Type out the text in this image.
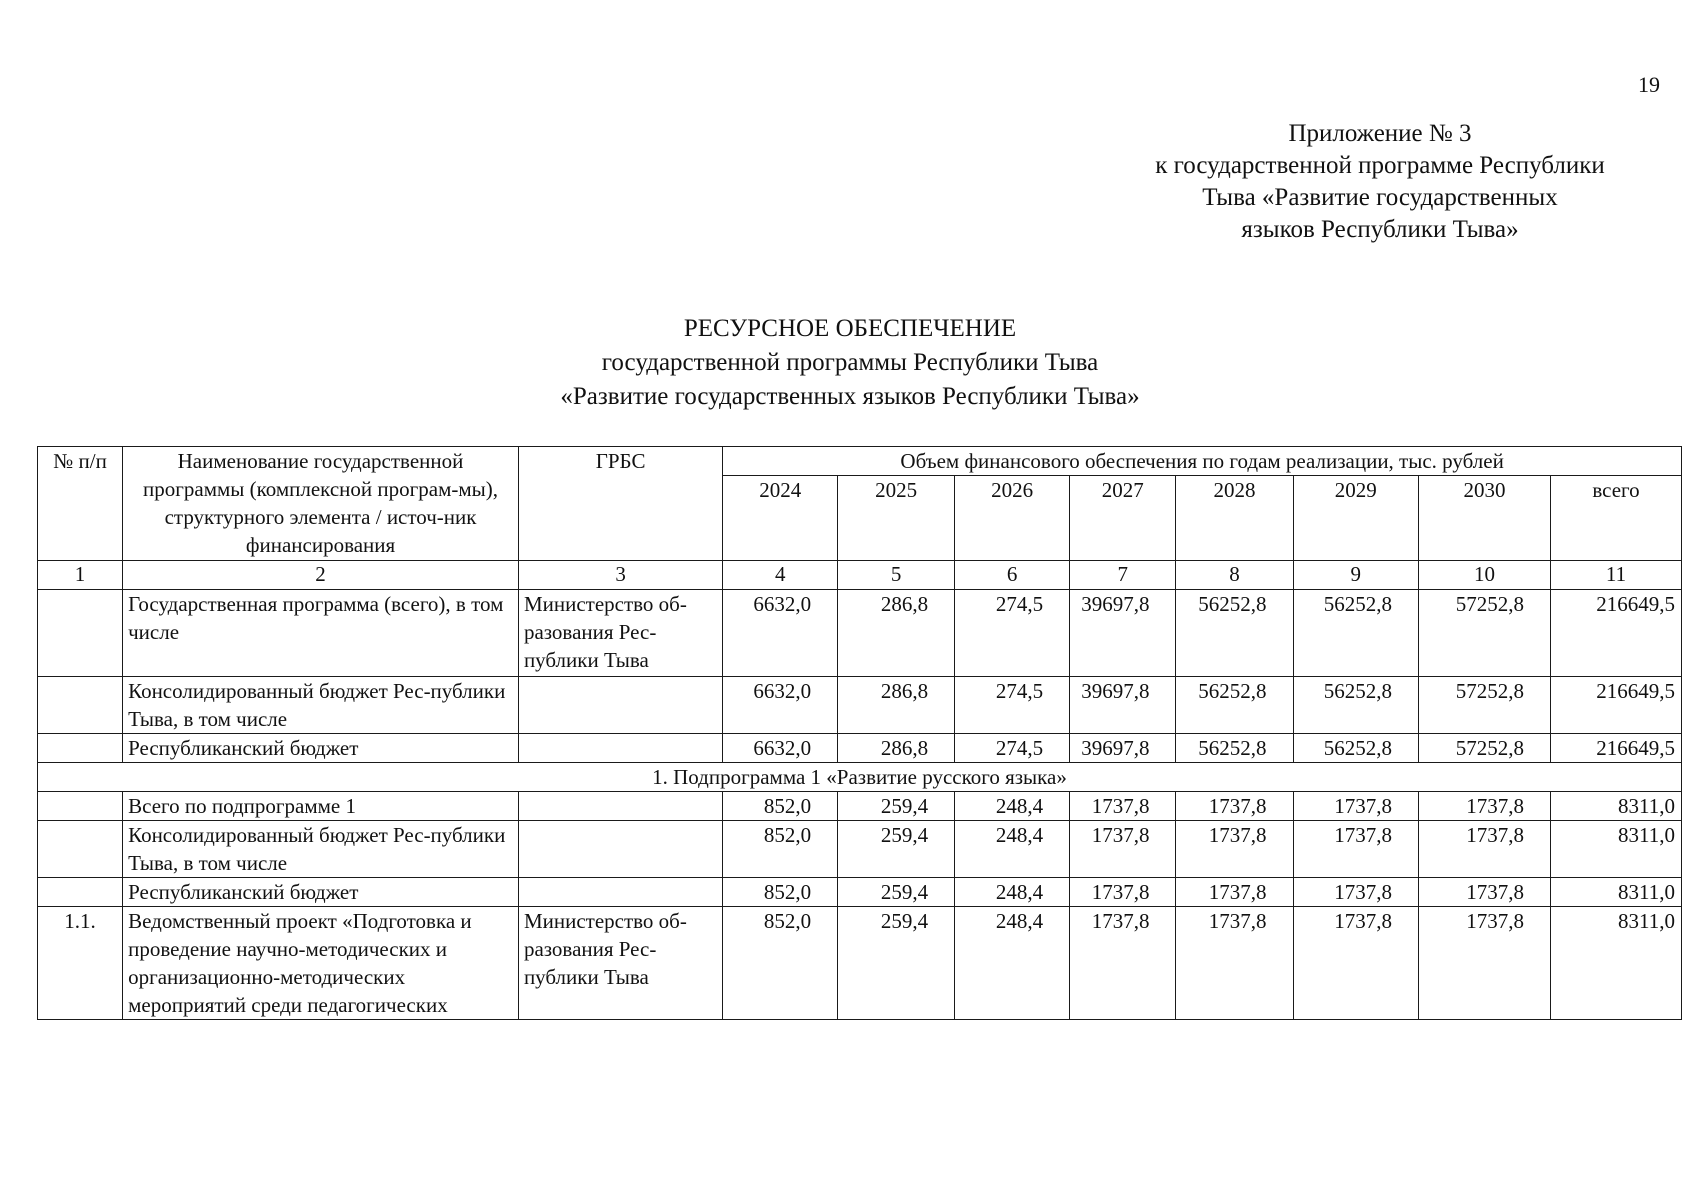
19
Приложение № 3
к государственной программе Республики
Тыва «Развитие государственных
языков Республики Тыва»
РЕСУРСНОЕ ОБЕСПЕЧЕНИЕ
государственной программы Республики Тыва
«Развитие государственных языков Республики Тыва»
№ п/п	Наименование государственной программы (комплексной програм-мы), структурного элемента / источ-ник финансирования	ГРБС	Объем финансового обеспечения по годам реализации, тыс. рублей							
			2024	2025	2026	2027	2028	2029	2030	всего
1	2	3	4	5	6	7	8	9	10	11
	Государственная программа (всего), в том числе	Министерство об-разования Рес-публики Тыва	6632,0	286,8	274,5	39697,8	56252,8	56252,8	57252,8	216649,5
	Консолидированный бюджет Рес-публики Тыва, в том числе		6632,0	286,8	274,5	39697,8	56252,8	56252,8	57252,8	216649,5
	Республиканский бюджет		6632,0	286,8	274,5	39697,8	56252,8	56252,8	57252,8	216649,5
1. Подпрограмма 1 «Развитие русского языка»										
	Всего по подпрограмме 1		852,0	259,4	248,4	1737,8	1737,8	1737,8	1737,8	8311,0
	Консолидированный бюджет Рес-публики Тыва, в том числе		852,0	259,4	248,4	1737,8	1737,8	1737,8	1737,8	8311,0
	Республиканский бюджет		852,0	259,4	248,4	1737,8	1737,8	1737,8	1737,8	8311,0
1.1.	Ведомственный проект «Подготовка и проведение научно-методических и организационно-методических мероприятий среди педагогических	Министерство об-разования Рес-публики Тыва	852,0	259,4	248,4	1737,8	1737,8	1737,8	1737,8	8311,0
